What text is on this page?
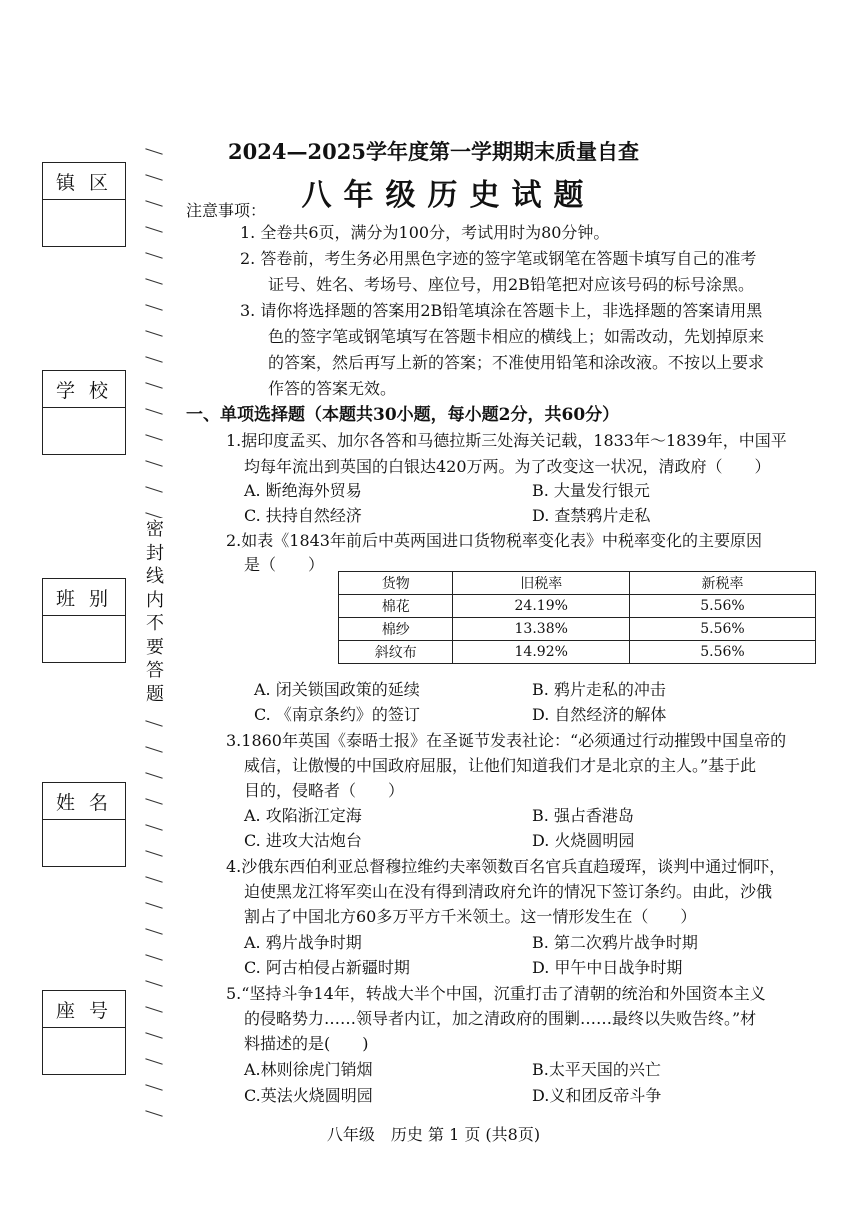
镇区
学校
班别
姓名
座号
密
封
线
内
不
要
答
题
2024—2025学年度第一学期期末质量自查
八年级历史试题
注意事项：
1. 全卷共6页，满分为100分，考试用时为80分钟。
2. 答卷前，考生务必用黑色字迹的签字笔或钢笔在答题卡填写自己的准考
证号、姓名、考场号、座位号，用2B铅笔把对应该号码的标号涂黑。
3. 请你将选择题的答案用2B铅笔填涂在答题卡上，非选择题的答案请用黑
色的签字笔或钢笔填写在答题卡相应的横线上；如需改动，先划掉原来
的答案，然后再写上新的答案；不准使用铅笔和涂改液。不按以上要求
作答的答案无效。
一、单项选择题（本题共30小题，每小题2分，共60分）
1.据印度孟买、加尔各答和马德拉斯三处海关记载，1833年～1839年，中国平
均每年流出到英国的白银达420万两。为了改变这一状况，清政府（　　）
A. 断绝海外贸易	B. 大量发行银元
C. 扶持自然经济	D. 查禁鸦片走私
2.如表《1843年前后中英两国进口货物税率变化表》中税率变化的主要原因
是（　　）
货物	旧税率	新税率
棉花	24.19%	5.56%
棉纱	13.38%	5.56%
斜纹布	14.92%	5.56%
A. 闭关锁国政策的延续	B. 鸦片走私的冲击
C. 《南京条约》的签订	D. 自然经济的解体
3.1860年英国《泰晤士报》在圣诞节发表社论：“必须通过行动摧毁中国皇帝的
威信，让傲慢的中国政府屈服，让他们知道我们才是北京的主人。”基于此
目的，侵略者（　　）
A. 攻陷浙江定海	B. 强占香港岛
C. 进攻大沽炮台	D. 火烧圆明园
4.沙俄东西伯利亚总督穆拉维约夫率领数百名官兵直趋瑷珲，谈判中通过恫吓，
迫使黑龙江将军奕山在没有得到清政府允许的情况下签订条约。由此，沙俄
割占了中国北方60多万平方千米领土。这一情形发生在（　　）
A. 鸦片战争时期	B. 第二次鸦片战争时期
C. 阿古柏侵占新疆时期	D. 甲午中日战争时期
5.“坚持斗争14年，转战大半个中国，沉重打击了清朝的统治和外国资本主义
的侵略势力……领导者内讧，加之清政府的围剿……最终以失败告终。”材
料描述的是(　　)
A.林则徐虎门销烟	B.太平天国的兴亡
C.英法火烧圆明园	D.义和团反帝斗争
八年级　历史 第 1 页 (共8页)
